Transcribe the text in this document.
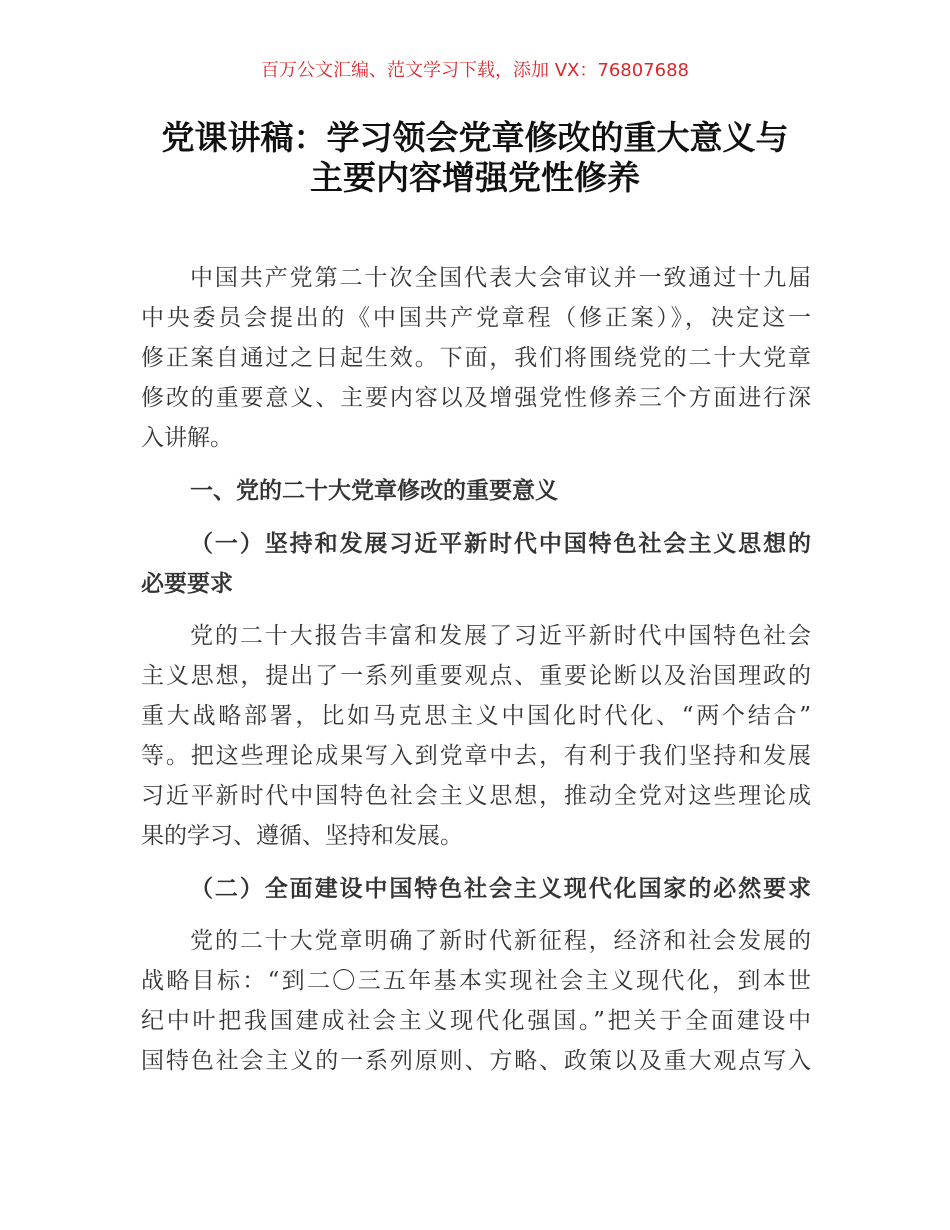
百万公文汇编、范文学习下载，添加 VX：76807688
党课讲稿：学习领会党章修改的重大意义与
主要内容增强党性修养
中国共产党第二十次全国代表大会审议并一致通过十九届
中央委员会提出的《中国共产党章程（修正案）》，决定这一
修正案自通过之日起生效。下面，我们将围绕党的二十大党章
修改的重要意义、主要内容以及增强党性修养三个方面进行深
入讲解。
一、党的二十大党章修改的重要意义
（一）坚持和发展习近平新时代中国特色社会主义思想的
必要要求
党的二十大报告丰富和发展了习近平新时代中国特色社会
主义思想，提出了一系列重要观点、重要论断以及治国理政的
重大战略部署，比如马克思主义中国化时代化、“两个结合”
等。把这些理论成果写入到党章中去，有利于我们坚持和发展
习近平新时代中国特色社会主义思想，推动全党对这些理论成
果的学习、遵循、坚持和发展。
（二）全面建设中国特色社会主义现代化国家的必然要求
党的二十大党章明确了新时代新征程，经济和社会发展的
战略目标：“到二〇三五年基本实现社会主义现代化，到本世
纪中叶把我国建成社会主义现代化强国。”把关于全面建设中
国特色社会主义的一系列原则、方略、政策以及重大观点写入
